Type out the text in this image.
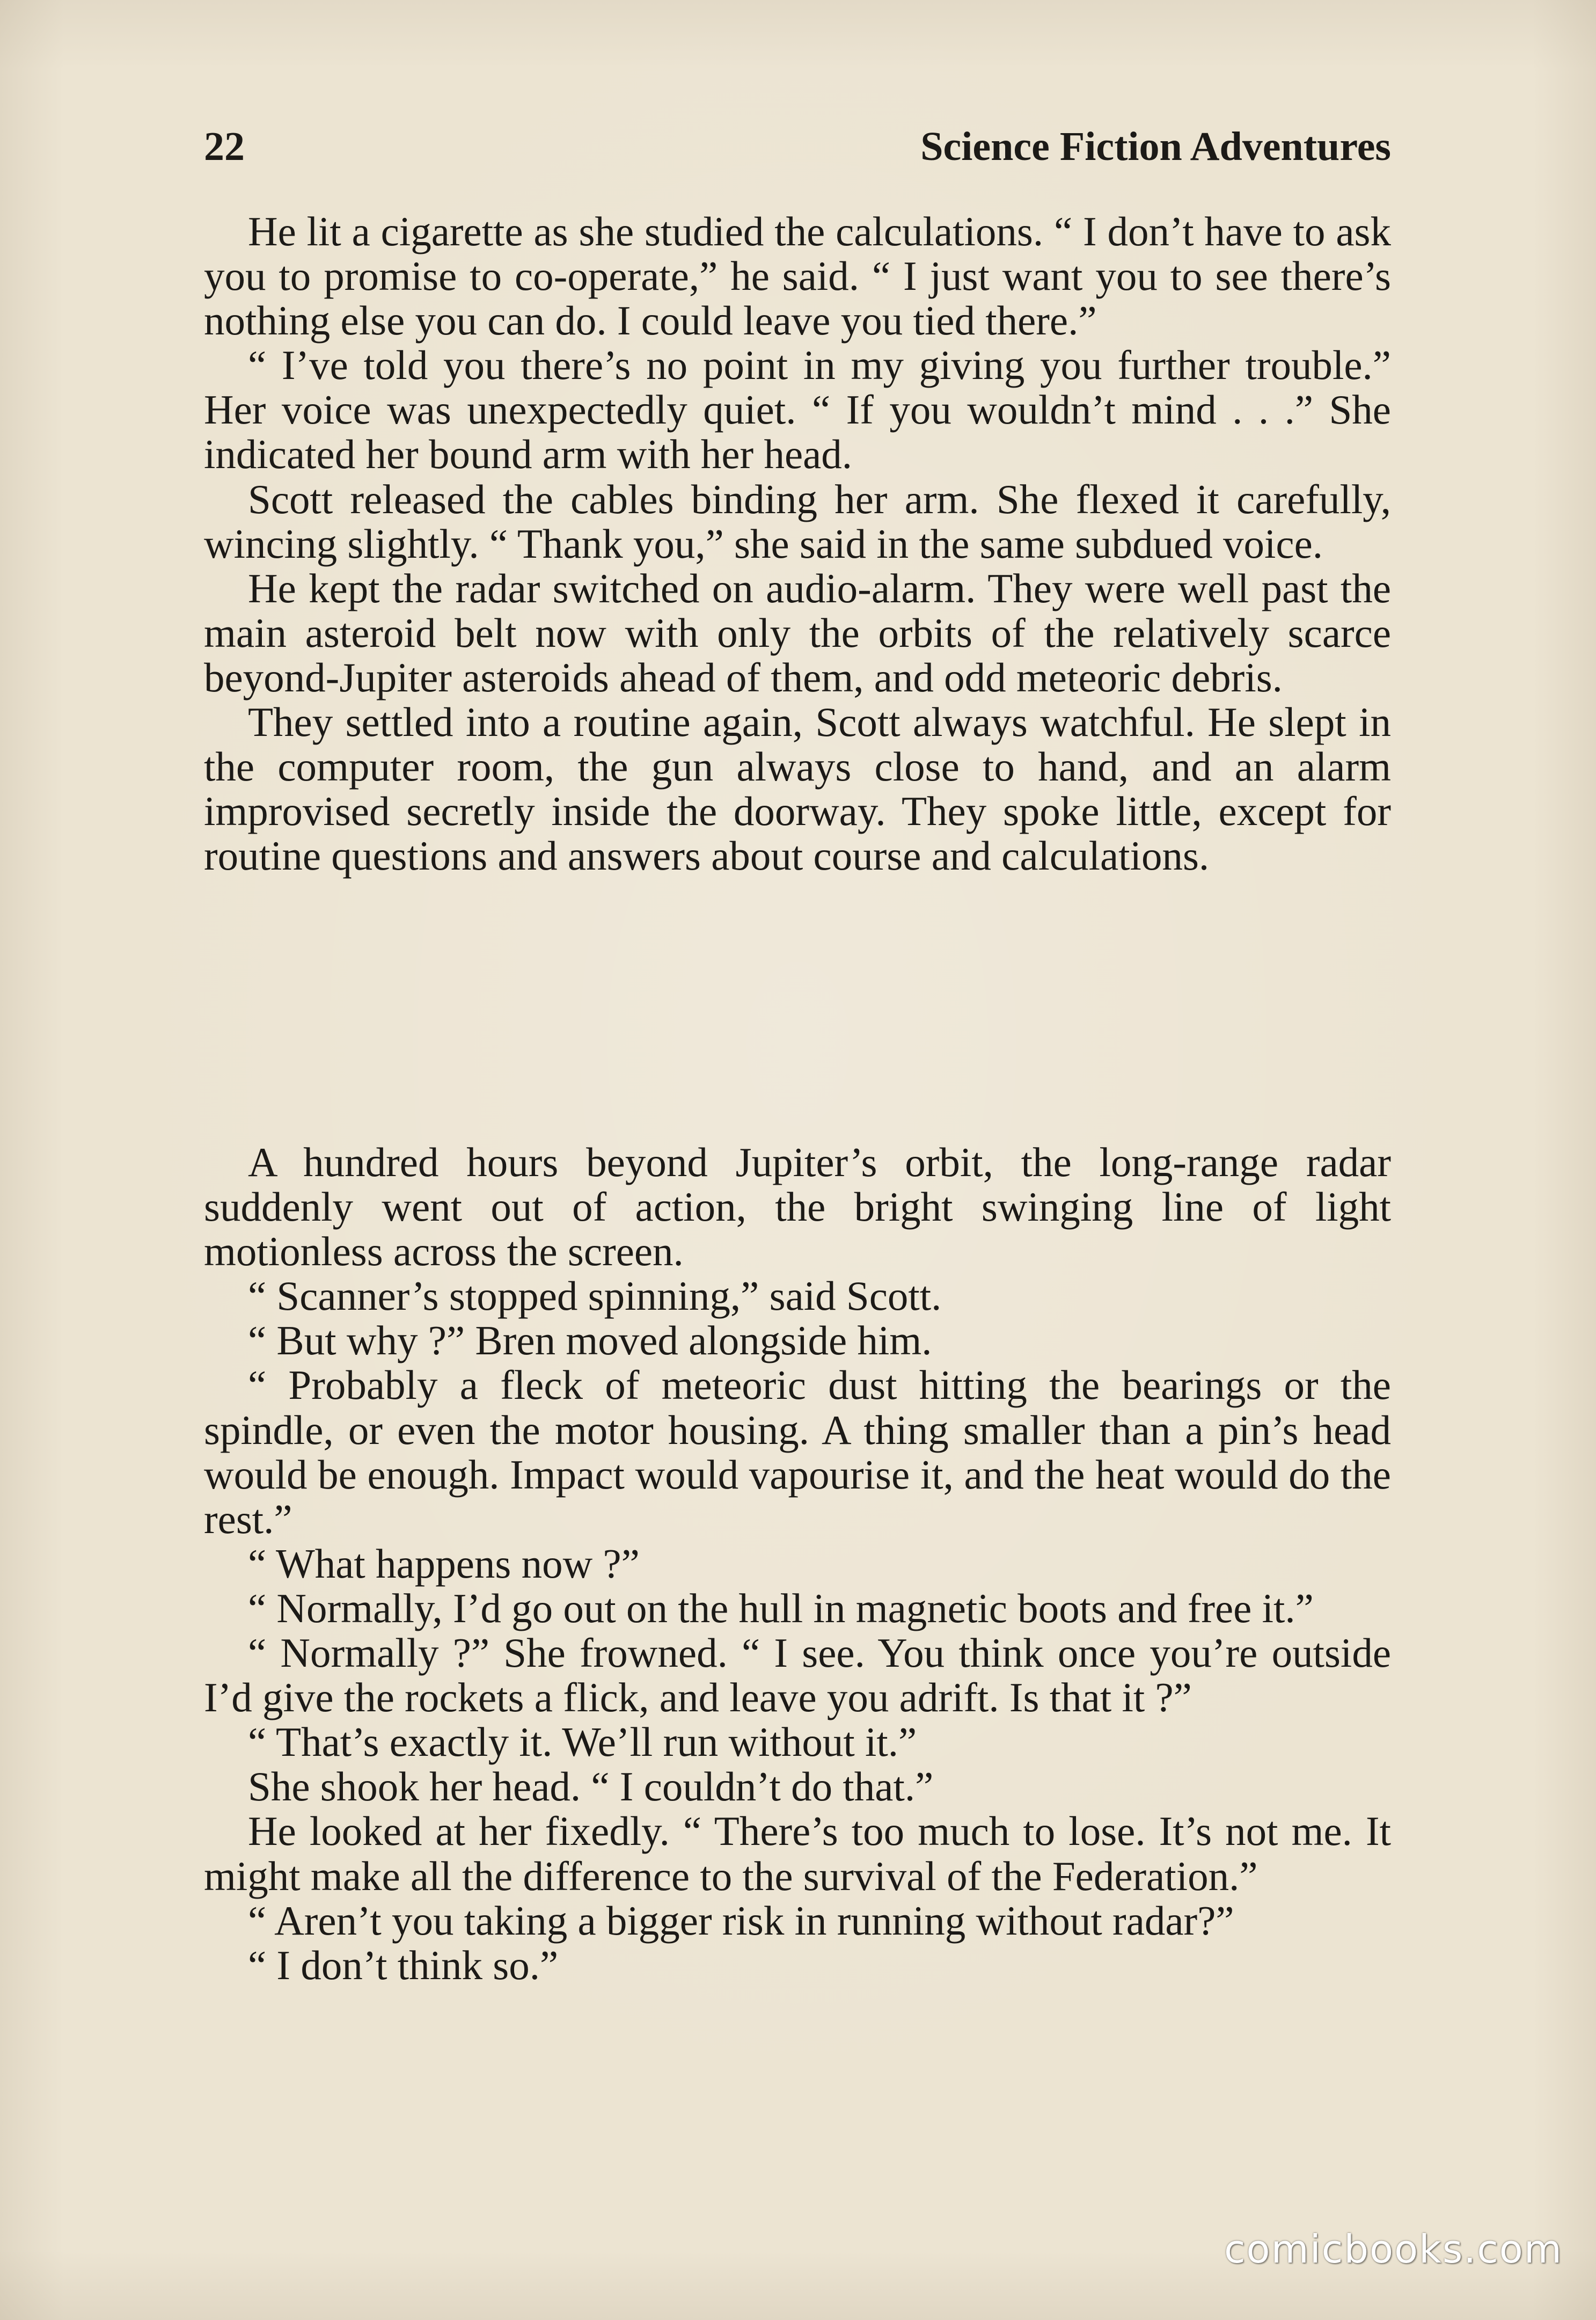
22	Science Fiction Adventures

He lit a cigarette as she studied the calculations. “ I don’t have to ask you to promise to co-operate,” he said. “ I just want you to see there’s nothing else you can do. I could leave you tied there.”

“ I’ve told you there’s no point in my giving you further trouble.” Her voice was unexpectedly quiet. “ If you wouldn’t mind . . .” She indicated her bound arm with her head.

Scott released the cables binding her arm. She flexed it carefully, wincing slightly. “ Thank you,” she said in the same subdued voice.

He kept the radar switched on audio-alarm. They were well past the main asteroid belt now with only the orbits of the relatively scarce beyond-Jupiter asteroids ahead of them, and odd meteoric debris.

They settled into a routine again, Scott always watchful. He slept in the computer room, the gun always close to hand, and an alarm improvised secretly inside the doorway. They spoke little, except for routine questions and answers about course and calculations.

A hundred hours beyond Jupiter’s orbit, the long-range radar suddenly went out of action, the bright swinging line of light motionless across the screen.

“ Scanner’s stopped spinning,” said Scott.

“ But why ?” Bren moved alongside him.

“ Probably a fleck of meteoric dust hitting the bearings or the spindle, or even the motor housing. A thing smaller than a pin’s head would be enough. Impact would vapourise it, and the heat would do the rest.”

“ What happens now ?”

“ Normally, I’d go out on the hull in magnetic boots and free it.”

“ Normally ?” She frowned. “ I see. You think once you’re outside I’d give the rockets a flick, and leave you adrift. Is that it ?”

“ That’s exactly it. We’ll run without it.”

She shook her head. “ I couldn’t do that.”

He looked at her fixedly. “ There’s too much to lose. It’s not me. It might make all the difference to the survival of the Federation.”

“ Aren’t you taking a bigger risk in running without radar?”

“ I don’t think so.”

comicbooks.com
